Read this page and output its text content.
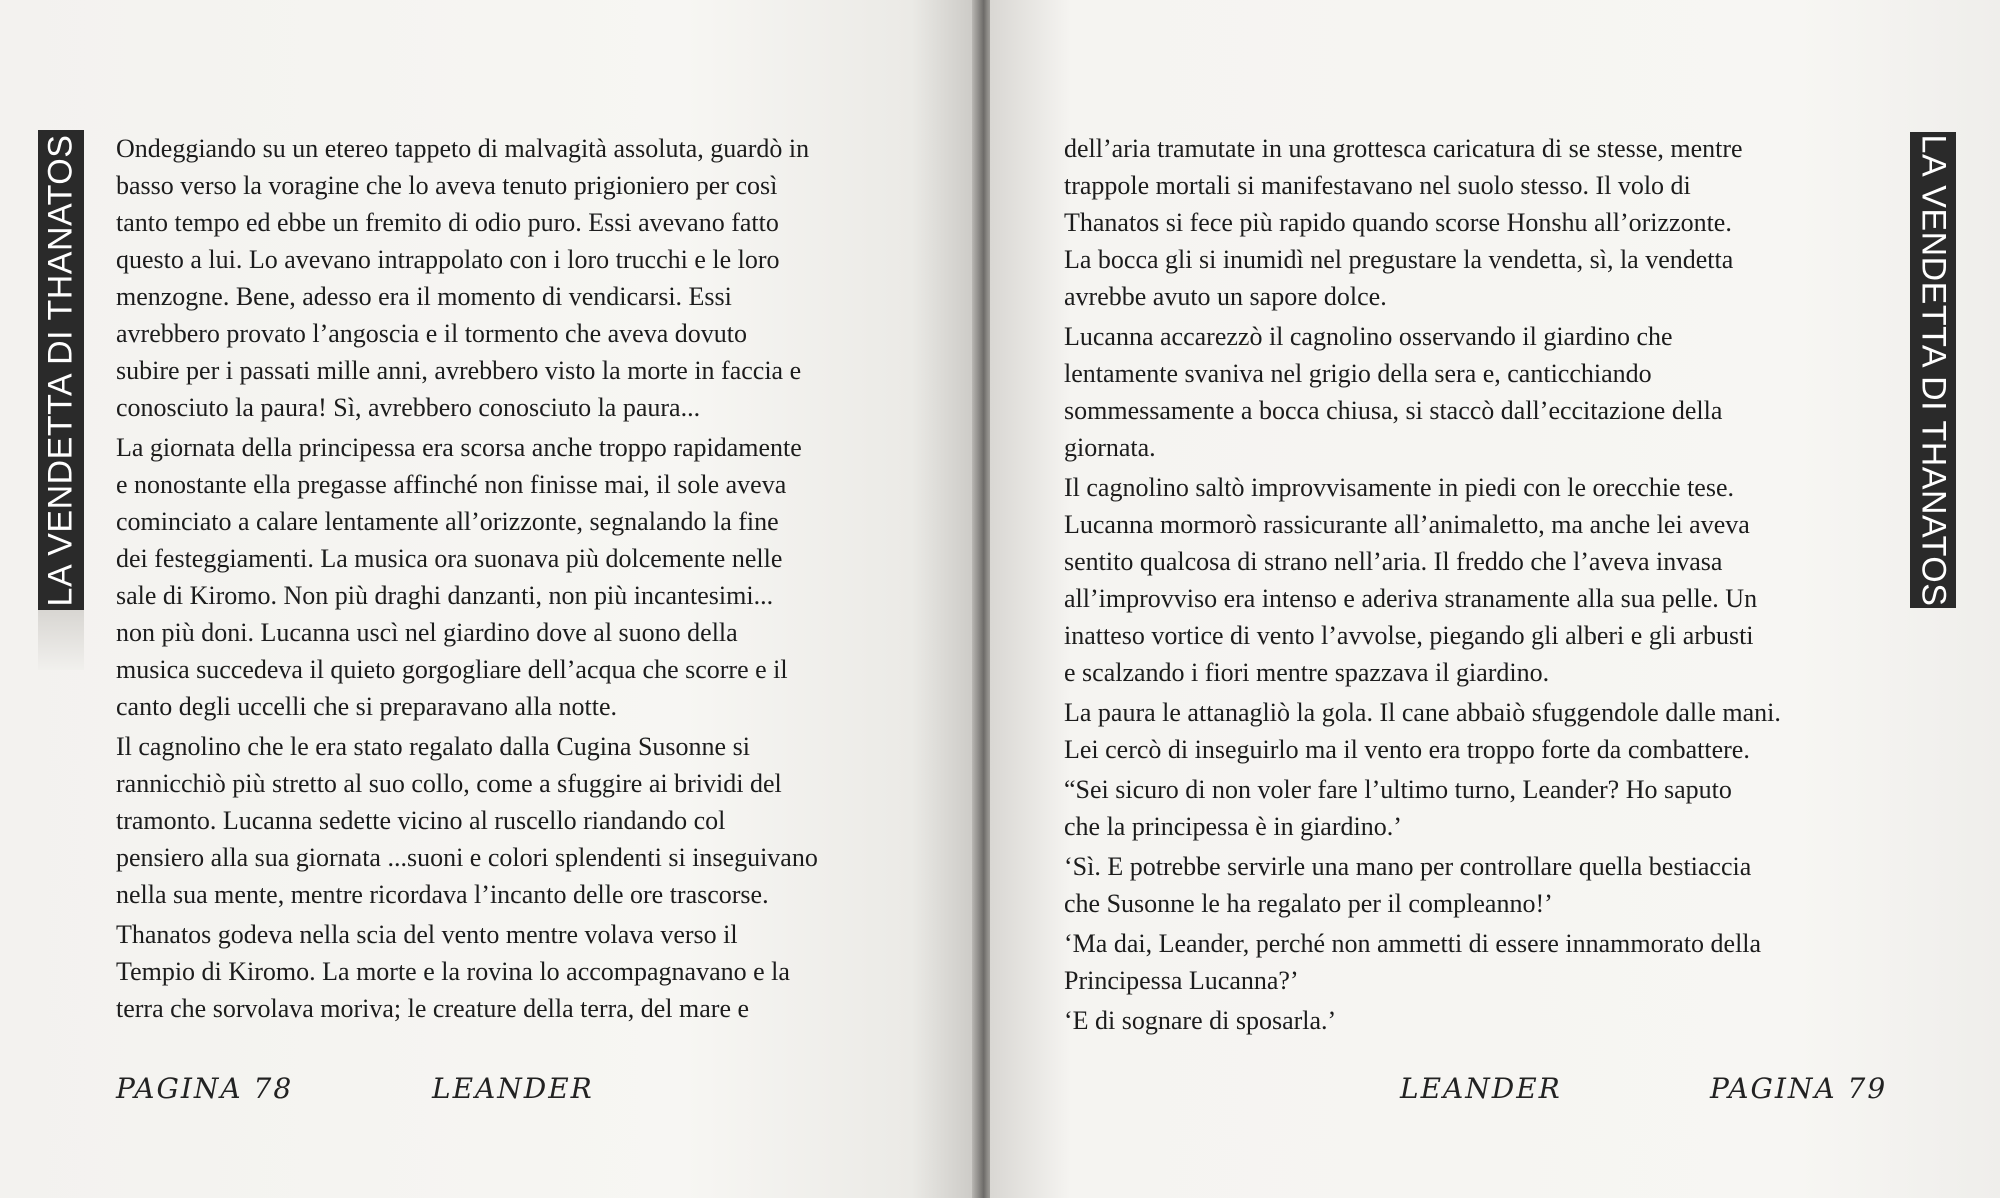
LA VENDETTA DI THANATOS Ondeggiando su un etereo tappeto di malvagità assoluta, guardò in
basso verso la voragine che lo aveva tenuto prigioniero per così
tanto tempo ed ebbe un fremito di odio puro. Essi avevano fatto
questo a lui. Lo avevano intrappolato con i loro trucchi e le loro
menzogne. Bene, adesso era il momento di vendicarsi. Essi
avrebbero provato l’angoscia e il tormento che aveva dovuto
subire per i passati mille anni, avrebbero visto la morte in faccia e
conosciuto la paura! Sì, avrebbero conosciuto la paura...
La giornata della principessa era scorsa anche troppo rapidamente
e nonostante ella pregasse affinché non finisse mai, il sole aveva
cominciato a calare lentamente all’orizzonte, segnalando la fine
dei festeggiamenti. La musica ora suonava più dolcemente nelle
sale di Kiromo. Non più draghi danzanti, non più incantesimi...
non più doni. Lucanna uscì nel giardino dove al suono della
musica succedeva il quieto gorgogliare dell’acqua che scorre e il
canto degli uccelli che si preparavano alla notte.
Il cagnolino che le era stato regalato dalla Cugina Susonne si
rannicchiò più stretto al suo collo, come a sfuggire ai brividi del
tramonto. Lucanna sedette vicino al ruscello riandando col
pensiero alla sua giornata ...suoni e colori splendenti si inseguivano
nella sua mente, mentre ricordava l’incanto delle ore trascorse.
Thanatos godeva nella scia del vento mentre volava verso il
Tempio di Kiromo. La morte e la rovina lo accompagnavano e la
terra che sorvolava moriva; le creature della terra, del mare e
PAGINA 78	LEANDER
dell’aria tramutate in una grottesca caricatura di se stesse, mentre
trappole mortali si manifestavano nel suolo stesso. Il volo di
Thanatos si fece più rapido quando scorse Honshu all’orizzonte.
La bocca gli si inumidì nel pregustare la vendetta, sì, la vendetta
avrebbe avuto un sapore dolce.
Lucanna accarezzò il cagnolino osservando il giardino che
lentamente svaniva nel grigio della sera e, canticchiando
sommessamente a bocca chiusa, si staccò dall’eccitazione della
giornata.
Il cagnolino saltò improvvisamente in piedi con le orecchie tese.
Lucanna mormorò rassicurante all’animaletto, ma anche lei aveva
sentito qualcosa di strano nell’aria. Il freddo che l’aveva invasa
all’improvviso era intenso e aderiva stranamente alla sua pelle. Un
inatteso vortice di vento l’avvolse, piegando gli alberi e gli arbusti
e scalzando i fiori mentre spazzava il giardino.
La paura le attanagliò la gola. Il cane abbaiò sfuggendole dalle mani.
Lei cercò di inseguirlo ma il vento era troppo forte da combattere.
“Sei sicuro di non voler fare l’ultimo turno, Leander? Ho saputo
che la principessa è in giardino.’
‘Sì. E potrebbe servirle una mano per controllare quella bestiaccia
che Susonne le ha regalato per il compleanno!’
‘Ma dai, Leander, perché non ammetti di essere innammorato della
Principessa Lucanna?’
‘E di sognare di sposarla.’
LEANDER	PAGINA 79
LA VENDETTA DI THANATOS
